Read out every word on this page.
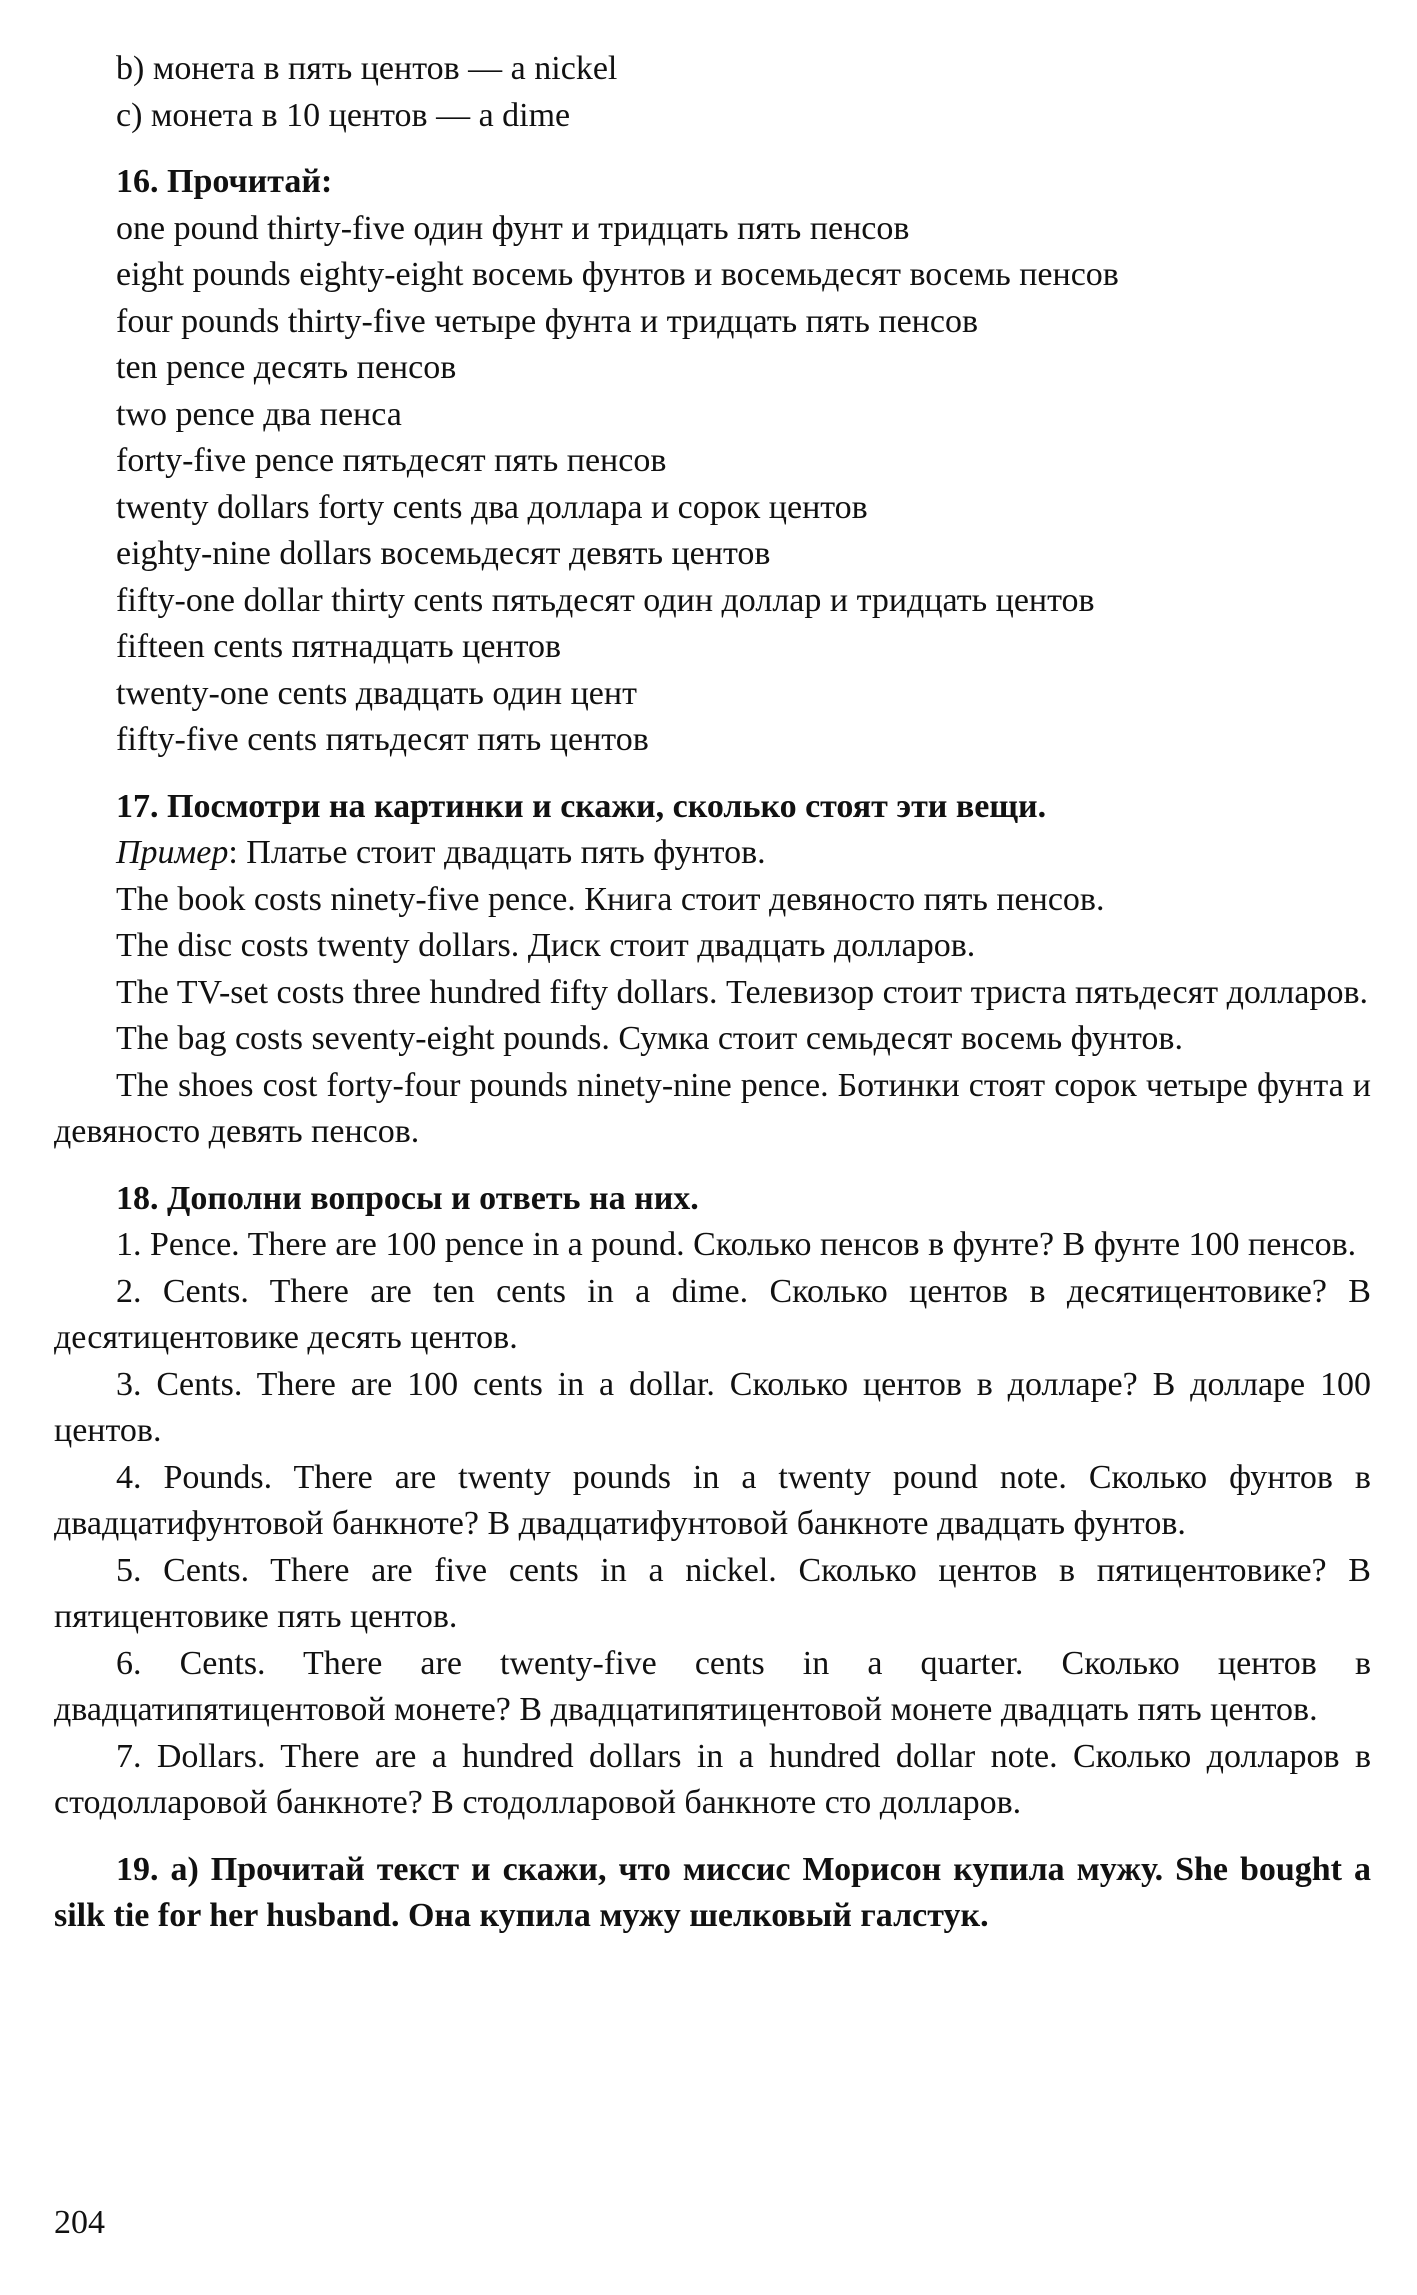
b) монета в пять центов — a nickel

c) монета в 10 центов — a dime

16. Прочитай:

one pound thirty-five один фунт и тридцать пять пенсов

eight pounds eighty-eight восемь фунтов и восемьдесят восемь пенсов

four pounds thirty-five четыре фунта и тридцать пять пенсов

ten pence десять пенсов

two pence два пенса

forty-five pence пятьдесят пять пенсов

twenty dollars forty cents два доллара и сорок центов

eighty-nine dollars восемьдесят девять центов

fifty-one dollar thirty cents пятьдесят один доллар и тридцать центов

fifteen cents пятнадцать центов

twenty-one cents двадцать один цент

fifty-five cents пятьдесят пять центов

17. Посмотри на картинки и скажи, сколько стоят эти вещи.

Пример: Платье стоит двадцать пять фунтов.

The book costs ninety-five pence. Книга стоит девяносто пять пенсов.

The disc costs twenty dollars. Диск стоит двадцать долларов.

The TV-set costs three hundred fifty dollars. Телевизор стоит триста пятьдесят долларов.

The bag costs seventy-eight pounds. Сумка стоит семьдесят восемь фунтов.

The shoes cost forty-four pounds ninety-nine pence. Ботинки стоят сорок четыре фунта и девяносто девять пенсов.

18. Дополни вопросы и ответь на них.

1. Pence. There are 100 pence in a pound. Сколько пенсов в фунте? В фунте 100 пенсов.

2. Cents. There are ten cents in a dime. Сколько центов в десятицентовике? В десятицентовике десять центов.

3. Cents. There are 100 cents in a dollar. Сколько центов в долларе? В долларе 100 центов.

4. Pounds. There are twenty pounds in a twenty pound note. Сколько фунтов в двадцатифунтовой банкноте? В двадцатифунтовой банкноте двадцать фунтов.

5. Cents. There are five cents in a nickel. Сколько центов в пятицентовике? В пятицентовике пять центов.

6. Cents. There are twenty-five cents in a quarter. Сколько центов в двадцатипятицентовой монете? В двадцатипятицентовой монете двадцать пять центов.

7. Dollars. There are a hundred dollars in a hundred dollar note. Сколько долларов в стодолларовой банкноте? В стодолларовой банкноте сто долларов.

19. а) Прочитай текст и скажи, что миссис Морисон купила мужу. She bought a silk tie for her husband. Она купила мужу шелковый галстук.

204
